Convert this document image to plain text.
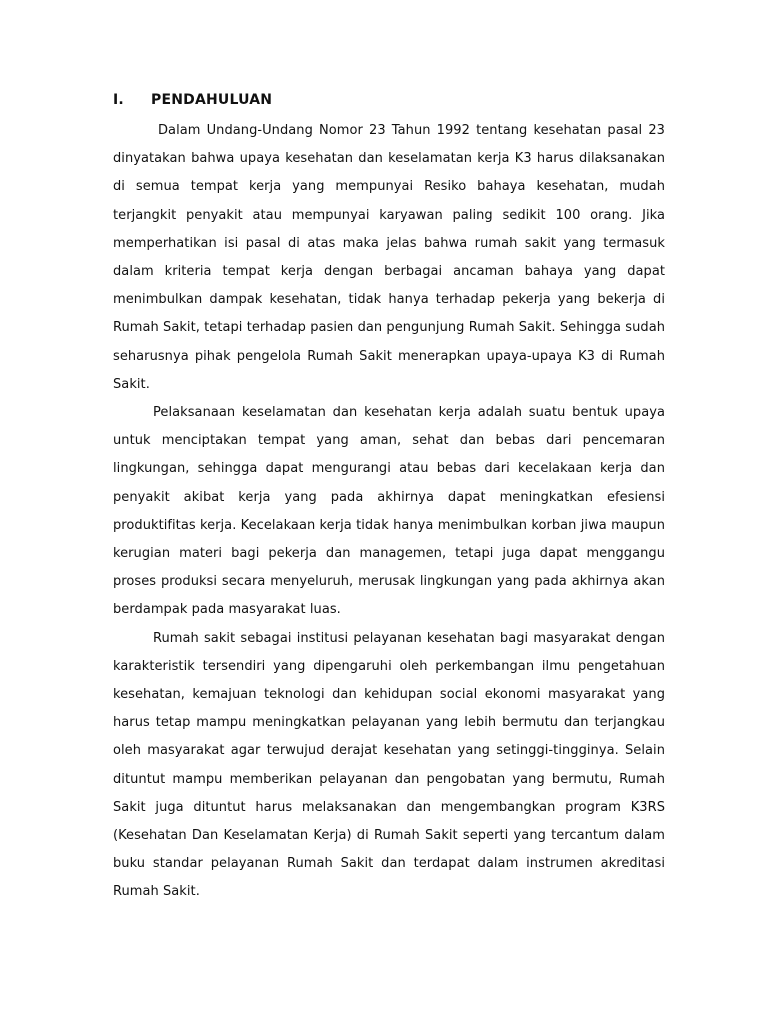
I.	PENDAHULUAN

Dalam Undang-Undang Nomor 23 Tahun 1992 tentang kesehatan pasal 23 dinyatakan bahwa upaya kesehatan dan keselamatan kerja K3 harus dilaksanakan di semua tempat kerja yang mempunyai Resiko bahaya kesehatan, mudah terjangkit penyakit atau mempunyai karyawan paling sedikit 100 orang. Jika memperhatikan isi pasal di atas maka jelas bahwa rumah sakit yang termasuk dalam kriteria tempat kerja dengan berbagai ancaman bahaya yang dapat menimbulkan dampak kesehatan, tidak hanya terhadap pekerja yang bekerja di Rumah Sakit, tetapi terhadap pasien dan pengunjung Rumah Sakit. Sehingga sudah seharusnya pihak pengelola Rumah Sakit menerapkan upaya-upaya K3 di Rumah Sakit.

Pelaksanaan keselamatan dan kesehatan kerja adalah suatu bentuk upaya untuk menciptakan tempat yang aman, sehat dan bebas dari pencemaran lingkungan, sehingga dapat mengurangi atau bebas dari kecelakaan kerja dan penyakit akibat kerja yang pada akhirnya dapat meningkatkan efesiensi produktifitas kerja. Kecelakaan kerja tidak hanya menimbulkan korban jiwa maupun kerugian materi bagi pekerja dan managemen, tetapi juga dapat menggangu proses produksi secara menyeluruh, merusak lingkungan yang pada akhirnya akan berdampak pada masyarakat luas.

Rumah sakit sebagai institusi pelayanan kesehatan bagi masyarakat dengan karakteristik tersendiri yang dipengaruhi oleh perkembangan ilmu pengetahuan kesehatan, kemajuan teknologi dan kehidupan social ekonomi masyarakat yang harus tetap mampu meningkatkan pelayanan yang lebih bermutu dan terjangkau oleh masyarakat agar terwujud derajat kesehatan yang setinggi-tingginya. Selain dituntut mampu memberikan pelayanan dan pengobatan yang bermutu, Rumah Sakit juga dituntut harus melaksanakan dan mengembangkan program K3RS (Kesehatan Dan Keselamatan Kerja) di Rumah Sakit seperti yang tercantum dalam buku standar pelayanan Rumah Sakit dan terdapat dalam instrumen akreditasi Rumah Sakit.
